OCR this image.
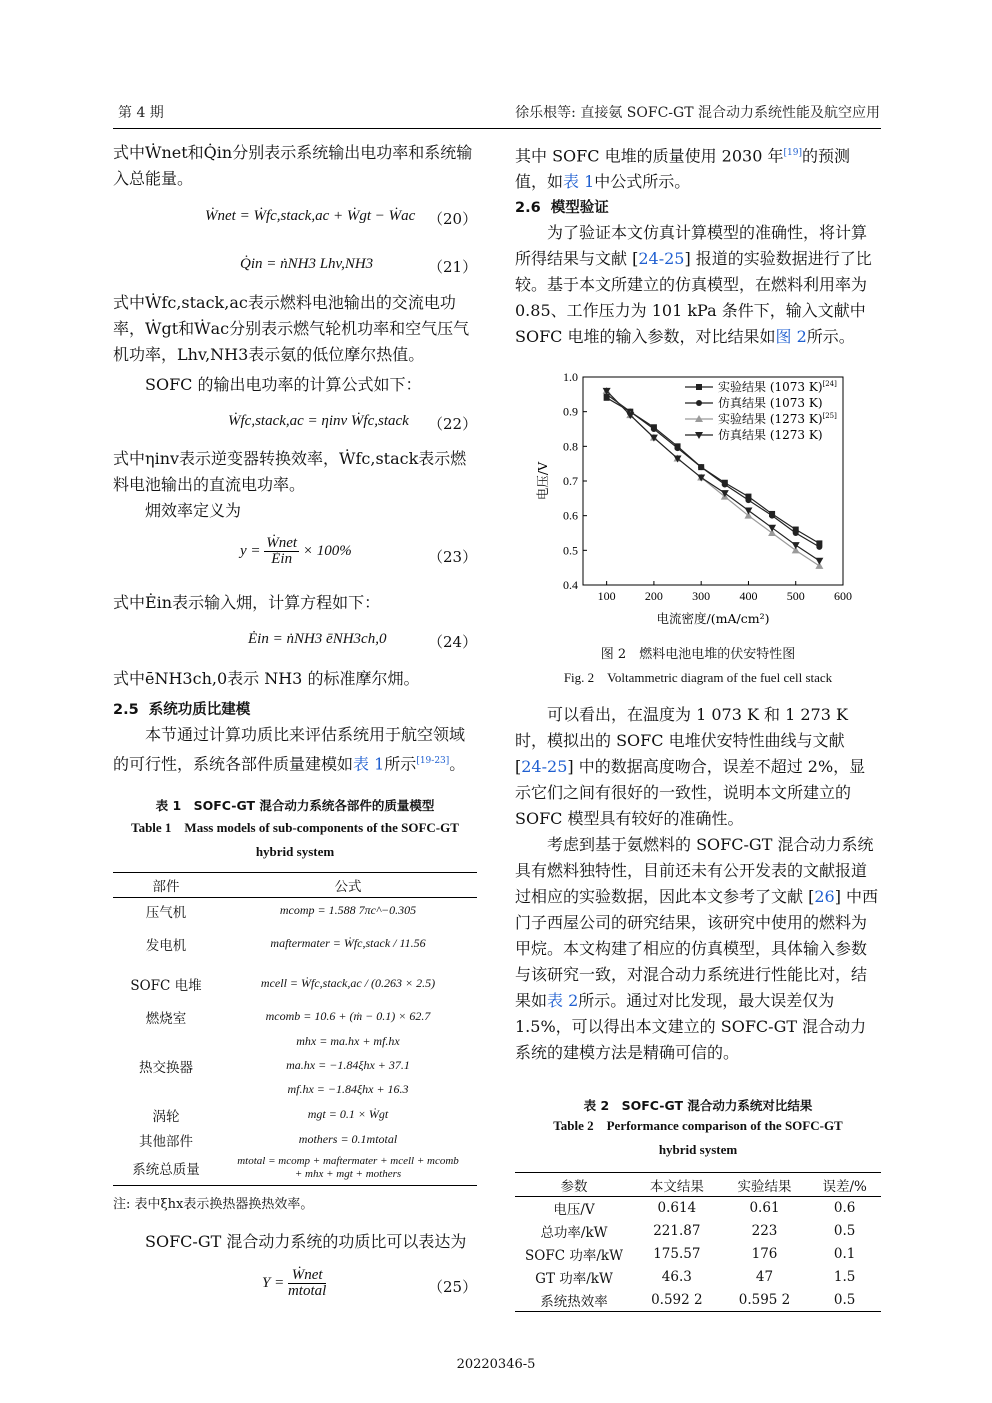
第 4 期	徐乐根等: 直接氨 SOFC-GT 混合动力系统性能及航空应用

式中Ẇnet和Q̇in分别表示系统输出电功率和系统输入总能量。

Ẇnet = Ẇfc,stack,ac + Ẇgt − Ẇac （20）
Q̇in = ṅNH3 Lhv,NH3	（21）

式中Ẇfc,stack,ac表示燃料电池输出的交流电功率，Ẇgt和Ẇac分别表示燃气轮机功率和空气压气机功率，Lhv,NH3表示氨的低位摩尔热值。

SOFC 的输出电功率的计算公式如下：

Ẇfc,stack,ac = ηinv Ẇfc,stack （22）

式中ηinv表示逆变器转换效率，Ẇfc,stack表示燃料电池输出的直流电功率。

㶲效率定义为

$y = \frac{\text{Ẇnet}}{\text{Ėin}} \times 100\%$	（23）

式中Ėin表示输入㶲，计算方程如下：

Ėin = ṅNH3 ēNH3ch,0	（24）

式中ēNH3ch,0表示 NH3 的标准摩尔㶲。

2.5 系统功质比建模

本节通过计算功质比来评估系统用于航空领域的可行性，系统各部件质量建模如表 1所示[19-23]。

表 1　SOFC-GT 混合动力系统各部件的质量模型
Table 1　Mass models of sub-components of the SOFC-GT
hybrid system
部件	公式
压气机	mcomp = 1.588 7πc^−0.305
发电机	maftermater = Ẇfc,stack / 11.56
SOFC 电堆	mcell = Ẇfc,stack,ac / (0.263 × 2.5)
燃烧室	mcomb = 10.6 + (ṁ − 0.1) × 62.7
	mhx = ma.hx + mf.hx
热交换器	ma.hx = −1.84ξhx + 37.1
	mf.hx = −1.84ξhx + 16.3
涡轮	mgt = 0.1 × Ẇgt
其他部件	mothers = 0.1mtotal
系统总质量	mtotal = mcomp + maftermater + mcell + mcomb + mhx + mgt + mothers
注: 表中ξhx表示换热器换热效率。

SOFC-GT 混合动力系统的功质比可以表达为

$Y = \frac{\text{Ẇnet}}{\text{mtotal}}$	（25）

其中 SOFC 电堆的质量使用 2030 年[19]的预测值，如表 1中公式所示。

2.6 模型验证

为了验证本文仿真计算模型的准确性，将计算所得结果与文献 [24-25] 报道的实验数据进行了比较。基于本文所建立的仿真模型，在燃料利用率为 0.85、工作压力为 101 kPa 条件下，输入文献中 SOFC 电堆的输入参数，对比结果如图 2所示。

100 200 300 400 500 600
0.4
0.5
0.6
0.7
0.8
0.9
1.0
电流密度/(mA/cm²)
电压/V
实验结果 (1073 K)[24]
仿真结果 (1073 K)
实验结果 (1273 K)[25]
仿真结果 (1273 K)
图 2　燃料电池电堆的伏安特性图
Fig. 2　Voltammetric diagram of the fuel cell stack

可以看出，在温度为 1 073 K 和 1 273 K 时，模拟出的 SOFC 电堆伏安特性曲线与文献 [24-25] 中的数据高度吻合，误差不超过 2%，显示它们之间有很好的一致性，说明本文所建立的 SOFC 模型具有较好的准确性。

考虑到基于氨燃料的 SOFC-GT 混合动力系统具有燃料独特性，目前还未有公开发表的文献报道过相应的实验数据，因此本文参考了文献 [26] 中西门子西屋公司的研究结果，该研究中使用的燃料为甲烷。本文构建了相应的仿真模型，具体输入参数与该研究一致，对混合动力系统进行性能比对，结果如表 2所示。通过对比发现，最大误差仅为 1.5%，可以得出本文建立的 SOFC-GT 混合动力系统的建模方法是精确可信的。

表 2　SOFC-GT 混合动力系统对比结果
Table 2　Performance comparison of the SOFC-GT
hybrid system
参数	本文结果	实验结果	误差/%
电压/V	0.614	0.61	0.6
总功率/kW	221.87	223	0.5
SOFC 功率/kW	175.57	176	0.1
GT 功率/kW	46.3	47	1.5
系统热效率	0.592 2	0.595 2	0.5
20220346-5
